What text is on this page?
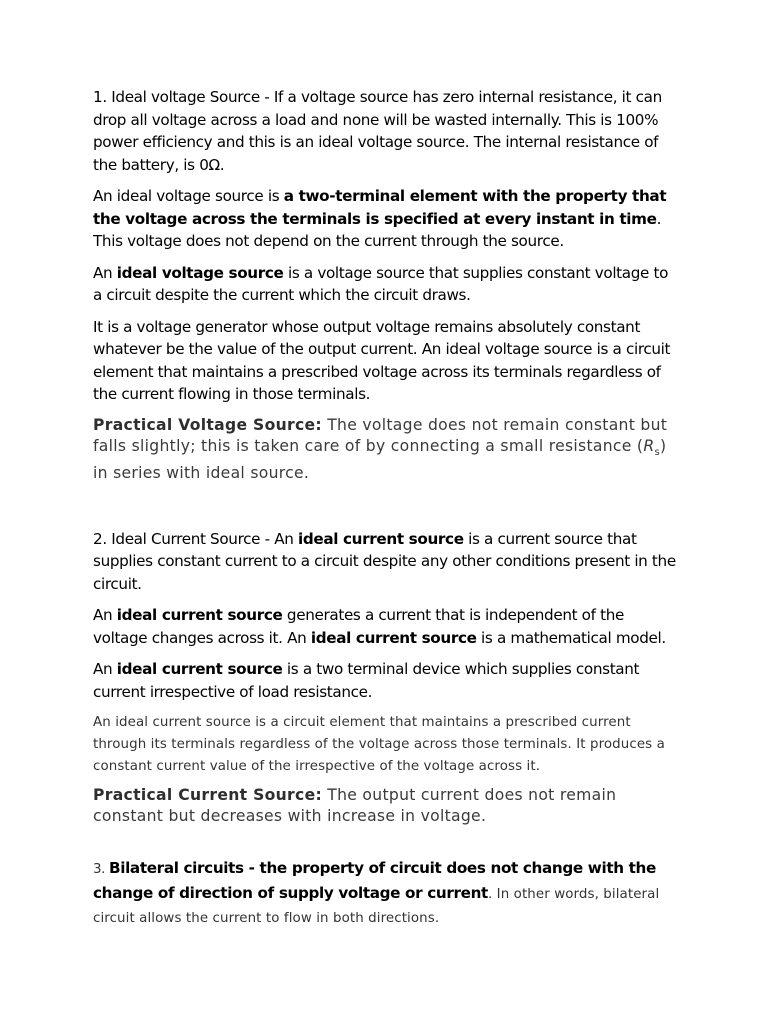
1. Ideal voltage Source - If a voltage source has zero internal resistance, it can drop all voltage across a load and none will be wasted internally. This is 100% power efficiency and this is an ideal voltage source. The internal resistance of the battery, is 0Ω.

An ideal voltage source is a two-terminal element with the property that the voltage across the terminals is specified at every instant in time. This voltage does not depend on the current through the source.

An ideal voltage source is a voltage source that supplies constant voltage to a circuit despite the current which the circuit draws.

It is a voltage generator whose output voltage remains absolutely constant whatever be the value of the output current. An ideal voltage source is a circuit element that maintains a prescribed voltage across its terminals regardless of the current flowing in those terminals.

Practical Voltage Source: The voltage does not remain constant but falls slightly; this is taken care of by connecting a small resistance $(R_s)$ in series with ideal source.

2. Ideal Current Source - An ideal current source is a current source that supplies constant current to a circuit despite any other conditions present in the circuit.

An ideal current source generates a current that is independent of the voltage changes across it. An ideal current source is a mathematical model.

An ideal current source is a two terminal device which supplies constant current irrespective of load resistance.

An ideal current source is a circuit element that maintains a prescribed current through its terminals regardless of the voltage across those terminals. It produces a constant current value of the irrespective of the voltage across it.

Practical Current Source: The output current does not remain constant but decreases with increase in voltage.

3. Bilateral circuits - the property of circuit does not change with the change of direction of supply voltage or current. In other words, bilateral circuit allows the current to flow in both directions.
